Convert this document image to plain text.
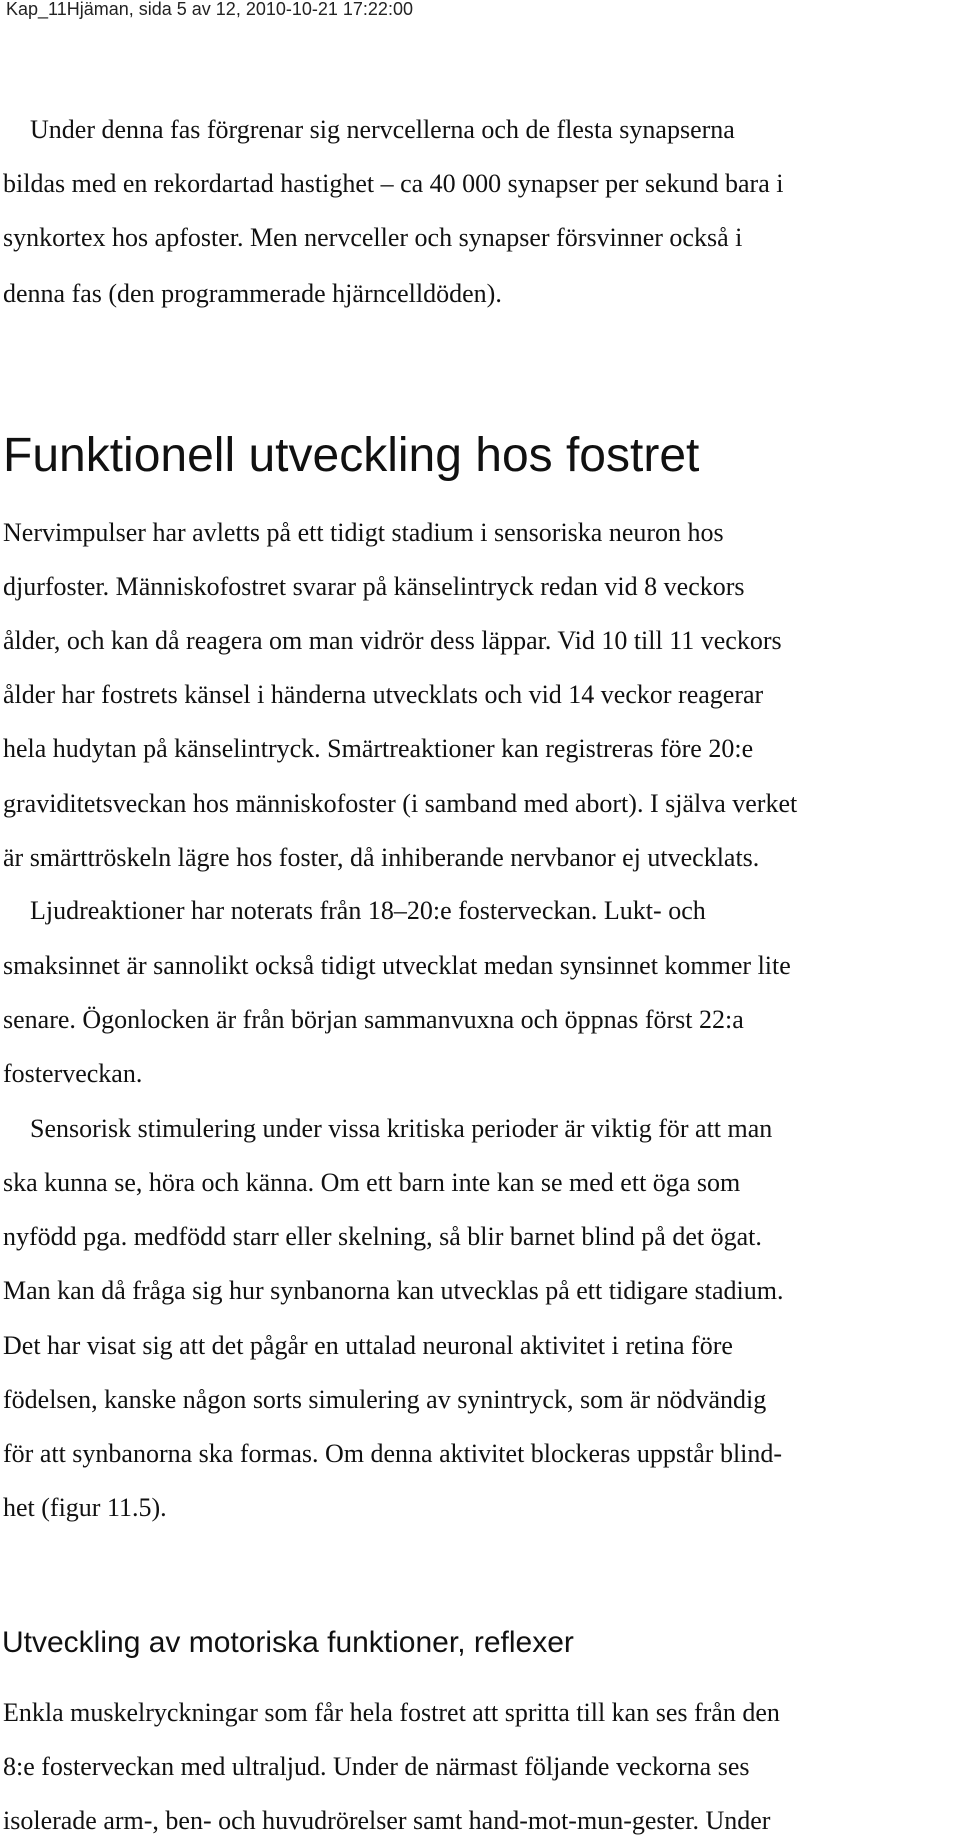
Kap_11Hjäman, sida 5 av 12, 2010-10-21 17:22:00
Under denna fas förgrenar sig nervcellerna och de flesta synapserna
bildas med en rekordartad hastighet – ca 40 000 synapser per sekund bara i
synkortex hos apfoster. Men nervceller och synapser försvinner också i
denna fas (den programmerade hjärncelldöden).
Funktionell utveckling hos fostret
Nervimpulser har avletts på ett tidigt stadium i sensoriska neuron hos
djurfoster. Människofostret svarar på känselintryck redan vid 8 veckors
ålder, och kan då reagera om man vidrör dess läppar. Vid 10 till 11 veckors
ålder har fostrets känsel i händerna utvecklats och vid 14 veckor reagerar
hela hudytan på känselintryck. Smärtreaktioner kan registreras före 20:e
graviditetsveckan hos människofoster (i samband med abort). I själva verket
är smärttröskeln lägre hos foster, då inhiberande nervbanor ej utvecklats.
Ljudreaktioner har noterats från 18–20:e fosterveckan. Lukt- och
smaksinnet är sannolikt också tidigt utvecklat medan synsinnet kommer lite
senare. Ögonlocken är från början sammanvuxna och öppnas först 22:a
fosterveckan.
Sensorisk stimulering under vissa kritiska perioder är viktig för att man
ska kunna se, höra och känna. Om ett barn inte kan se med ett öga som
nyfödd pga. medfödd starr eller skelning, så blir barnet blind på det ögat.
Man kan då fråga sig hur synbanorna kan utvecklas på ett tidigare stadium.
Det har visat sig att det pågår en uttalad neuronal aktivitet i retina före
födelsen, kanske någon sorts simulering av synintryck, som är nödvändig
för att synbanorna ska formas. Om denna aktivitet blockeras uppstår blind-
het (figur 11.5).
Utveckling av motoriska funktioner, reflexer
Enkla muskelryckningar som får hela fostret att spritta till kan ses från den
8:e fosterveckan med ultraljud. Under de närmast följande veckorna ses
isolerade arm-, ben- och huvudrörelser samt hand-mot-mun-gester. Under
